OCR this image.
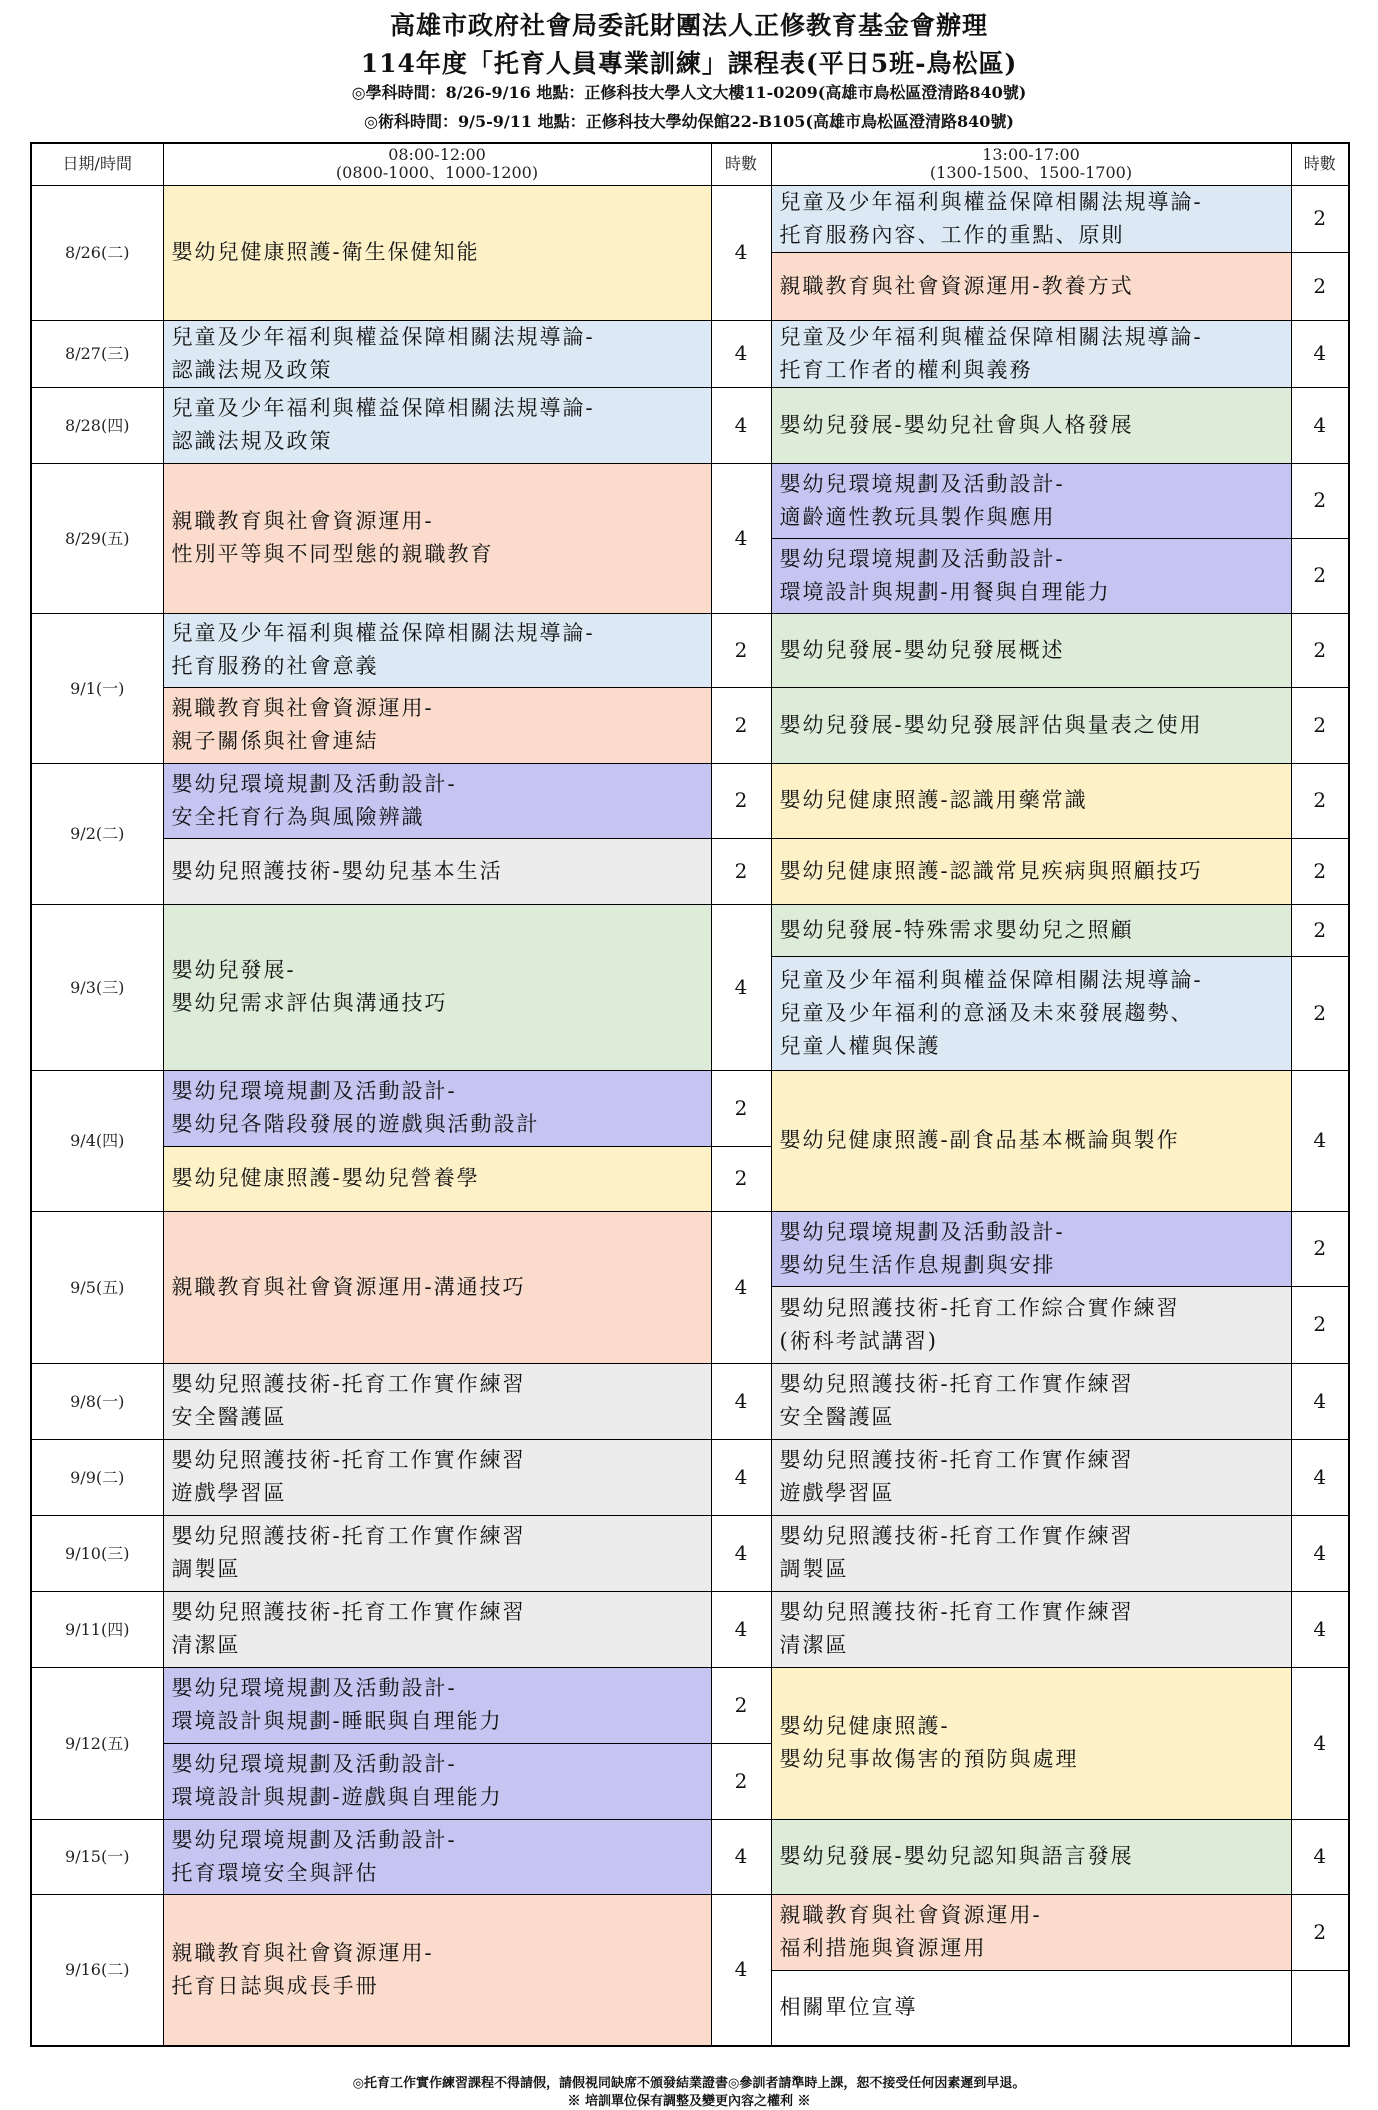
高雄市政府社會局委託財團法人正修教育基金會辦理
114年度「托育人員專業訓練」課程表(平日5班-鳥松區)
◎學科時間：8/26-9/16 地點：正修科技大學人文大樓11-0209(高雄市鳥松區澄清路840號)
◎術科時間：9/5-9/11 地點：正修科技大學幼保館22-B105(高雄市鳥松區澄清路840號)
日期/時間	08:00-12:00
(0800-1000、1000-1200)	時數	13:00-17:00
(1300-1500、1500-1700)	時數
8/26(二)	嬰幼兒健康照護-衛生保健知能	4	兒童及少年福利與權益保障相關法規導論-
托育服務內容、工作的重點、原則	2
			親職教育與社會資源運用-教養方式	2
8/27(三)	兒童及少年福利與權益保障相關法規導論-
認識法規及政策	4	兒童及少年福利與權益保障相關法規導論-
托育工作者的權利與義務	4
8/28(四)	兒童及少年福利與權益保障相關法規導論-
認識法規及政策	4	嬰幼兒發展-嬰幼兒社會與人格發展	4
8/29(五)	親職教育與社會資源運用-
性別平等與不同型態的親職教育	4	嬰幼兒環境規劃及活動設計-
適齡適性教玩具製作與應用	2
			嬰幼兒環境規劃及活動設計-
環境設計與規劃-用餐與自理能力	2
9/1(一)	兒童及少年福利與權益保障相關法規導論-
托育服務的社會意義	2	嬰幼兒發展-嬰幼兒發展概述	2
	親職教育與社會資源運用-
親子關係與社會連結	2	嬰幼兒發展-嬰幼兒發展評估與量表之使用	2
9/2(二)	嬰幼兒環境規劃及活動設計-
安全托育行為與風險辨識	2	嬰幼兒健康照護-認識用藥常識	2
	嬰幼兒照護技術-嬰幼兒基本生活	2	嬰幼兒健康照護-認識常見疾病與照顧技巧	2
9/3(三)	嬰幼兒發展-
嬰幼兒需求評估與溝通技巧	4	嬰幼兒發展-特殊需求嬰幼兒之照顧	2
			兒童及少年福利與權益保障相關法規導論-
兒童及少年福利的意涵及未來發展趨勢、
兒童人權與保護	2
9/4(四)	嬰幼兒環境規劃及活動設計-
嬰幼兒各階段發展的遊戲與活動設計	2	嬰幼兒健康照護-副食品基本概論與製作	4
	嬰幼兒健康照護-嬰幼兒營養學	2		
9/5(五)	親職教育與社會資源運用-溝通技巧	4	嬰幼兒環境規劃及活動設計-
嬰幼兒生活作息規劃與安排	2
			嬰幼兒照護技術-托育工作綜合實作練習
(術科考試講習)	2
9/8(一)	嬰幼兒照護技術-托育工作實作練習
安全醫護區	4	嬰幼兒照護技術-托育工作實作練習
安全醫護區	4
9/9(二)	嬰幼兒照護技術-托育工作實作練習
遊戲學習區	4	嬰幼兒照護技術-托育工作實作練習
遊戲學習區	4
9/10(三)	嬰幼兒照護技術-托育工作實作練習
調製區	4	嬰幼兒照護技術-托育工作實作練習
調製區	4
9/11(四)	嬰幼兒照護技術-托育工作實作練習
清潔區	4	嬰幼兒照護技術-托育工作實作練習
清潔區	4
9/12(五)	嬰幼兒環境規劃及活動設計-
環境設計與規劃-睡眠與自理能力	2	嬰幼兒健康照護-
嬰幼兒事故傷害的預防與處理	4
	嬰幼兒環境規劃及活動設計-
環境設計與規劃-遊戲與自理能力	2		
9/15(一)	嬰幼兒環境規劃及活動設計-
托育環境安全與評估	4	嬰幼兒發展-嬰幼兒認知與語言發展	4
9/16(二)	親職教育與社會資源運用-
托育日誌與成長手冊	4	親職教育與社會資源運用-
福利措施與資源運用	2
			相關單位宣導	
◎托育工作實作練習課程不得請假，請假視同缺席不頒發結業證書◎參訓者請準時上課，恕不接受任何因素遲到早退。
※ 培訓單位保有調整及變更內容之權利 ※
